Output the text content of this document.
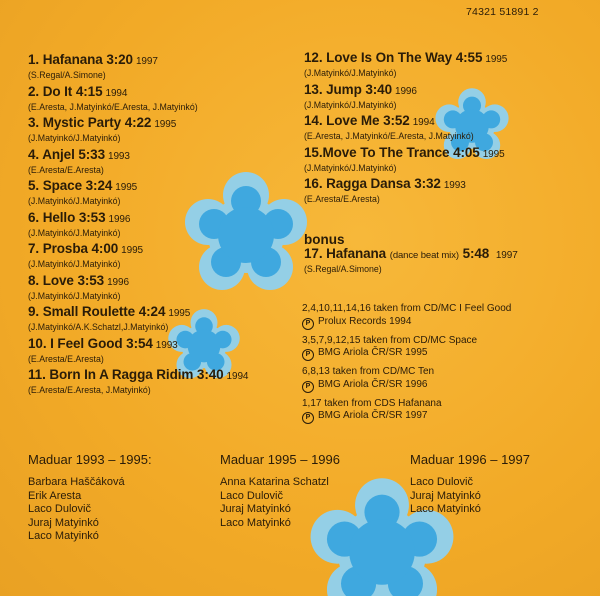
74321 51891 2
1. Hafanana 3:20 1997
(S.Regal/A.Simone)
2. Do It 4:15 1994
(E.Aresta, J.Matyinkó/E.Aresta, J.Matyinkó)
3. Mystic Party 4:22 1995
(J.Matyinkó/J.Matyinkó)
4. Anjel 5:33 1993
(E.Aresta/E.Aresta)
5. Space 3:24 1995
(J.Matyinkó/J.Matyinkó)
6. Hello 3:53 1996
(J.Matyinkó/J.Matyinkó)
7. Prosba 4:00 1995
(J.Matyinkó/J.Matyinkó)
8. Love 3:53 1996
(J.Matyinkó/J.Matyinkó)
9. Small Roulette 4:24 1995
(J.Matyinkó/A.K.Schatzl,J.Matyinkó)
10. I Feel Good 3:54 1993
(E.Aresta/E.Aresta)
11. Born In A Ragga Ridim 3:40 1994
(E.Aresta/E.Aresta, J.Matyinkó)
12. Love Is On The Way 4:55 1995
(J.Matyinkó/J.Matyinkó)
13. Jump 3:40 1996
(J.Matyinkó/J.Matyinkó)
14. Love Me 3:52 1994
(E.Aresta, J.Matyinkó/E.Aresta, J.Matyinkó)
15.Move To The Trance 4:05 1995
(J.Matyinkó/J.Matyinkó)
16. Ragga Dansa 3:32 1993
(E.Aresta/E.Aresta)
bonus
17. Hafanana (dance beat mix) 5:48 1997
(S.Regal/A.Simone)
2,4,10,11,14,16 taken from CD/MC I Feel Good
P Prolux Records 1994
3,5,7,9,12,15 taken from CD/MC Space
P BMG Ariola ČR/SR 1995
6,8,13 taken from CD/MC Ten
P BMG Ariola ČR/SR 1996
1,17 taken from CDS Hafanana
P BMG Ariola ČR/SR 1997
Maduar 1993 – 1995:
Barbara Haščáková
Erik Aresta
Laco Dulovič
Juraj Matyinkó
Laco Matyinkó
Maduar 1995 – 1996
Anna Katarina Schatzl
Laco Dulovič
Juraj Matyinkó
Laco Matyinkó
Maduar 1996 – 1997
Laco Dulovič
Juraj Matyinkó
Laco Matyinkó
